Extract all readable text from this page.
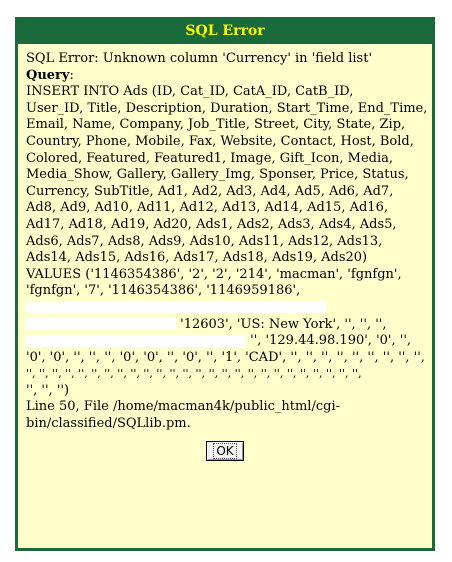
SQL Error

SQL Error: Unknown column 'Currency' in 'field list'

Query:
INSERT INTO Ads (ID, Cat_ID, CatA_ID, CatB_ID,
User_ID, Title, Description, Duration, Start_Time, End_Time,
Email, Name, Company, Job_Title, Street, City, State, Zip,
Country, Phone, Mobile, Fax, Website, Contact, Host, Bold,
Colored, Featured, Featured1, Image, Gift_Icon, Media,
Media_Show, Gallery, Gallery_Img, Sponser, Price, Status,
Currency, SubTitle, Ad1, Ad2, Ad3, Ad4, Ad5, Ad6, Ad7,
Ad8, Ad9, Ad10, Ad11, Ad12, Ad13, Ad14, Ad15, Ad16,
Ad17, Ad18, Ad19, Ad20, Ads1, Ads2, Ads3, Ads4, Ads5,
Ads6, Ads7, Ads8, Ads9, Ads10, Ads11, Ads12, Ads13,
Ads14, Ads15, Ads16, Ads17, Ads18, Ads19, Ads20)
VALUES ('1146354386', '2', '2', '214', 'macman', 'fgnfgn',
'fgnfgn', '7', '1146354386', '1146959186',
'12603', 'US: New York', '', '', '',
'', '129.44.98.190', '0', '',
'0', '0', '', '', '', '0', '0', '', '0', '', '1', 'CAD', '', '', '', '', '', '', '', '', '',
'', '', '', '', '', '', '', '', '', '', '', '', '', '', '', '', '', '', '', '', '', '', '', '', '', '',
'', '', '')
Line 50, File /home/macman4k/public_html/cgi-
bin/classified/SQLlib.pm.
OK
